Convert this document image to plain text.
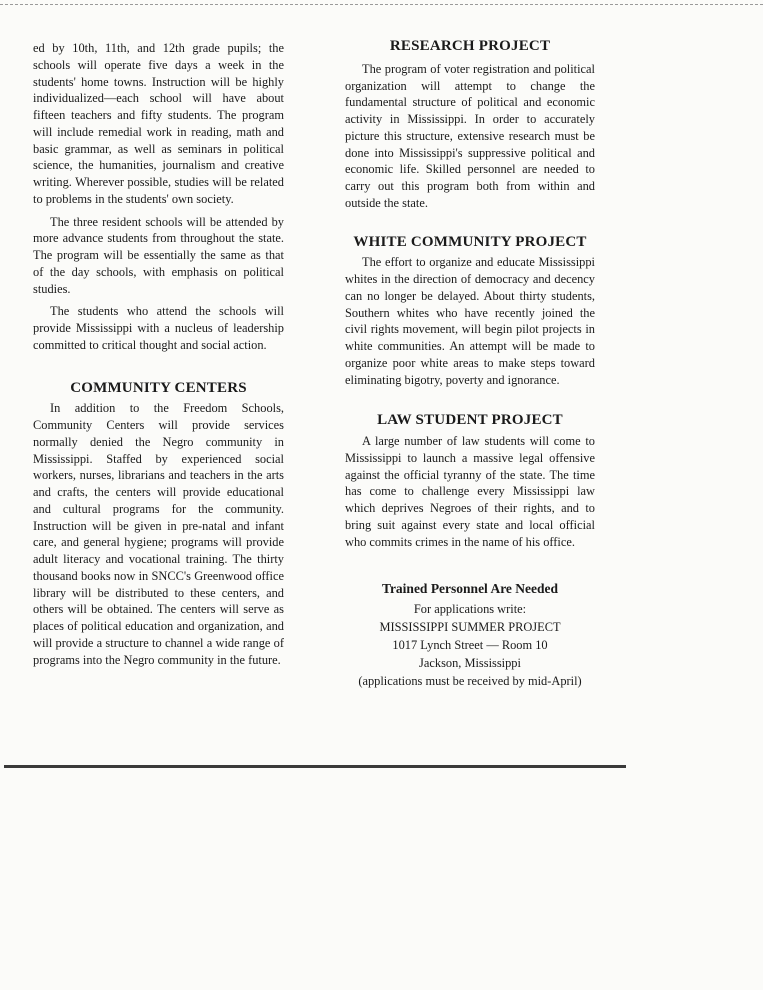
ed by 10th, 11th, and 12th grade pupils; the schools will operate five days a week in the students' home towns. Instruction will be highly individualized—each school will have about fifteen teachers and fifty students. The program will include remedial work in reading, math and basic grammar, as well as seminars in political science, the humanities, journalism and creative writing. Wherever possible, studies will be related to problems in the students' own society.

The three resident schools will be attended by more advance students from throughout the state. The program will be essentially the same as that of the day schools, with emphasis on political studies.

The students who attend the schools will provide Mississippi with a nucleus of leadership committed to critical thought and social action.

COMMUNITY CENTERS

In addition to the Freedom Schools, Community Centers will provide services normally denied the Negro community in Mississippi. Staffed by experienced social workers, nurses, librarians and teachers in the arts and crafts, the centers will provide educational and cultural programs for the community. Instruction will be given in pre-natal and infant care, and general hygiene; programs will provide adult literacy and vocational training. The thirty thousand books now in SNCC's Greenwood office library will be distributed to these centers, and others will be obtained. The centers will serve as places of political education and organization, and will provide a structure to channel a wide range of programs into the Negro community in the future.

RESEARCH PROJECT

The program of voter registration and political organization will attempt to change the fundamental structure of political and economic activity in Mississippi. In order to accurately picture this structure, extensive research must be done into Mississippi's suppressive political and economic life. Skilled personnel are needed to carry out this program both from within and outside the state.

WHITE COMMUNITY PROJECT

The effort to organize and educate Mississippi whites in the direction of democracy and decency can no longer be delayed. About thirty students, Southern whites who have recently joined the civil rights movement, will begin pilot projects in white communities. An attempt will be made to organize poor white areas to make steps toward eliminating bigotry, poverty and ignorance.

LAW STUDENT PROJECT

A large number of law students will come to Mississippi to launch a massive legal offensive against the official tyranny of the state. The time has come to challenge every Mississippi law which deprives Negroes of their rights, and to bring suit against every state and local official who commits crimes in the name of his office.

Trained Personnel Are Needed
For applications write:
MISSISSIPPI SUMMER PROJECT
1017 Lynch Street — Room 10
Jackson, Mississippi
(applications must be received by mid-April)
